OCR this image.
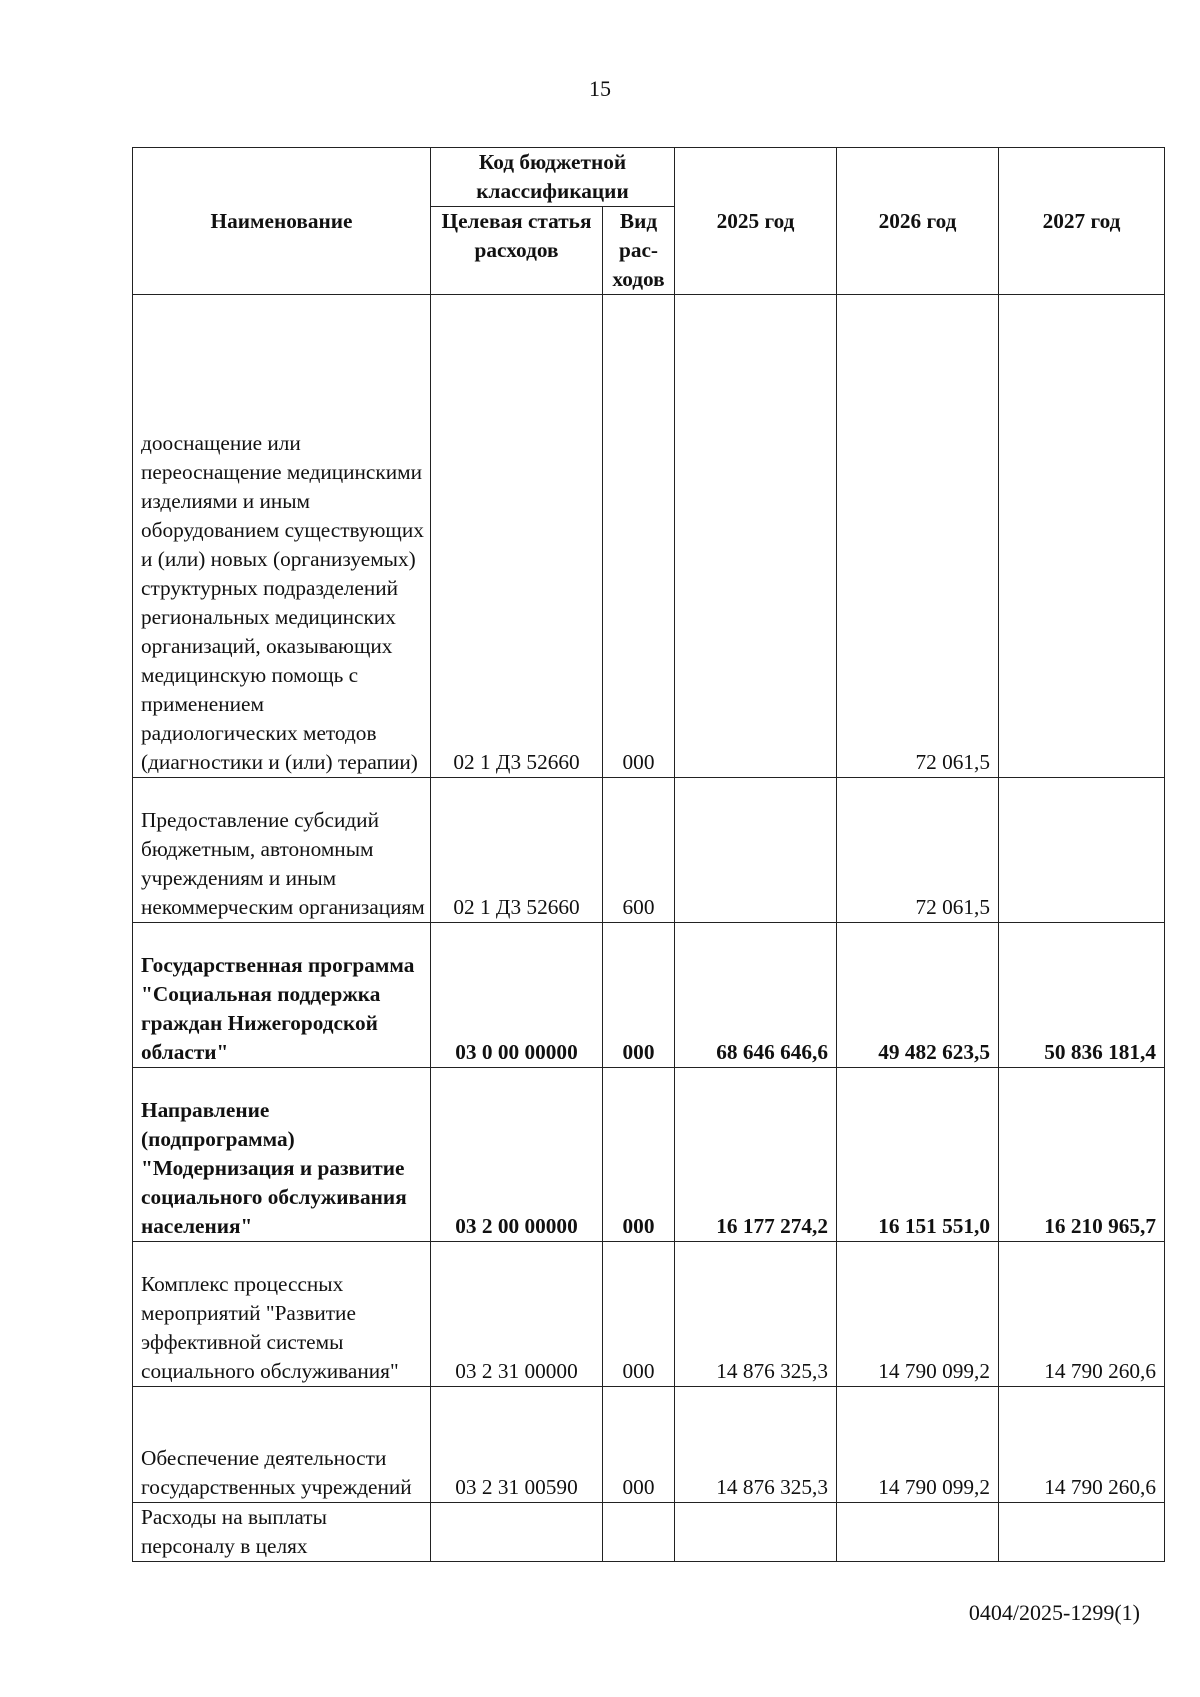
15
Наименование	Код бюджетной классификации		2025 год	2026 год	2027 год
	Целевая статья расходов	Вид рас-ходов			
дооснащение или переоснащение медицинскими изделиями и иным оборудованием существующих и (или) новых (организуемых) структурных подразделений региональных медицинских организаций, оказывающих медицинскую помощь с применением радиологических методов (диагностики и (или) терапии)	02 1 Д3 52660	000		72 061,5	
Предоставление субсидий бюджетным, автономным учреждениям и иным некоммерческим организациям	02 1 Д3 52660	600		72 061,5	
Государственная программа "Социальная поддержка граждан Нижегородской области"	03 0 00 00000	000	68 646 646,6	49 482 623,5	50 836 181,4
Направление (подпрограмма) "Модернизация и развитие социального обслуживания населения"	03 2 00 00000	000	16 177 274,2	16 151 551,0	16 210 965,7
Комплекс процессных мероприятий "Развитие эффективной системы социального обслуживания"	03 2 31 00000	000	14 876 325,3	14 790 099,2	14 790 260,6
Обеспечение деятельности государственных учреждений	03 2 31 00590	000	14 876 325,3	14 790 099,2	14 790 260,6
Расходы на выплаты персоналу в целях					
0404/2025-1299(1)
